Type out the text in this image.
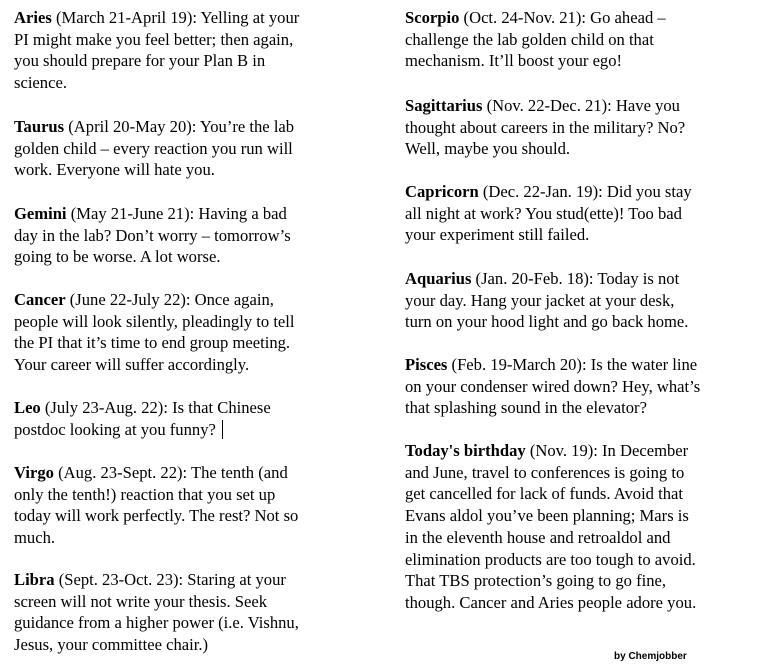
Aries (March 21-April 19): Yelling at your
PI might make you feel better; then again,
you should prepare for your Plan B in
science.

Taurus (April 20-May 20): You’re the lab
golden child – every reaction you run will
work. Everyone will hate you.

Gemini (May 21-June 21): Having a bad
day in the lab? Don’t worry – tomorrow’s
going to be worse. A lot worse.

Cancer (June 22-July 22): Once again,
people will look silently, pleadingly to tell
the PI that it’s time to end group meeting.
Your career will suffer accordingly.

Leo (July 23-Aug. 22): Is that Chinese
postdoc looking at you funny?

Virgo (Aug. 23-Sept. 22): The tenth (and
only the tenth!) reaction that you set up
today will work perfectly. The rest? Not so
much.

Libra (Sept. 23-Oct. 23): Staring at your
screen will not write your thesis. Seek
guidance from a higher power (i.e. Vishnu,
Jesus, your committee chair.)

Scorpio (Oct. 24-Nov. 21): Go ahead –
challenge the lab golden child on that
mechanism. It’ll boost your ego!

Sagittarius (Nov. 22-Dec. 21): Have you
thought about careers in the military? No?
Well, maybe you should.

Capricorn (Dec. 22-Jan. 19): Did you stay
all night at work? You stud(ette)! Too bad
your experiment still failed.

Aquarius (Jan. 20-Feb. 18): Today is not
your day. Hang your jacket at your desk,
turn on your hood light and go back home.

Pisces (Feb. 19-March 20): Is the water line
on your condenser wired down? Hey, what’s
that splashing sound in the elevator?

Today's birthday (Nov. 19): In December
and June, travel to conferences is going to
get cancelled for lack of funds. Avoid that
Evans aldol you’ve been planning; Mars is
in the eleventh house and retroaldol and
elimination products are too tough to avoid.
That TBS protection’s going to go fine,
though. Cancer and Aries people adore you.

by Chemjobber
